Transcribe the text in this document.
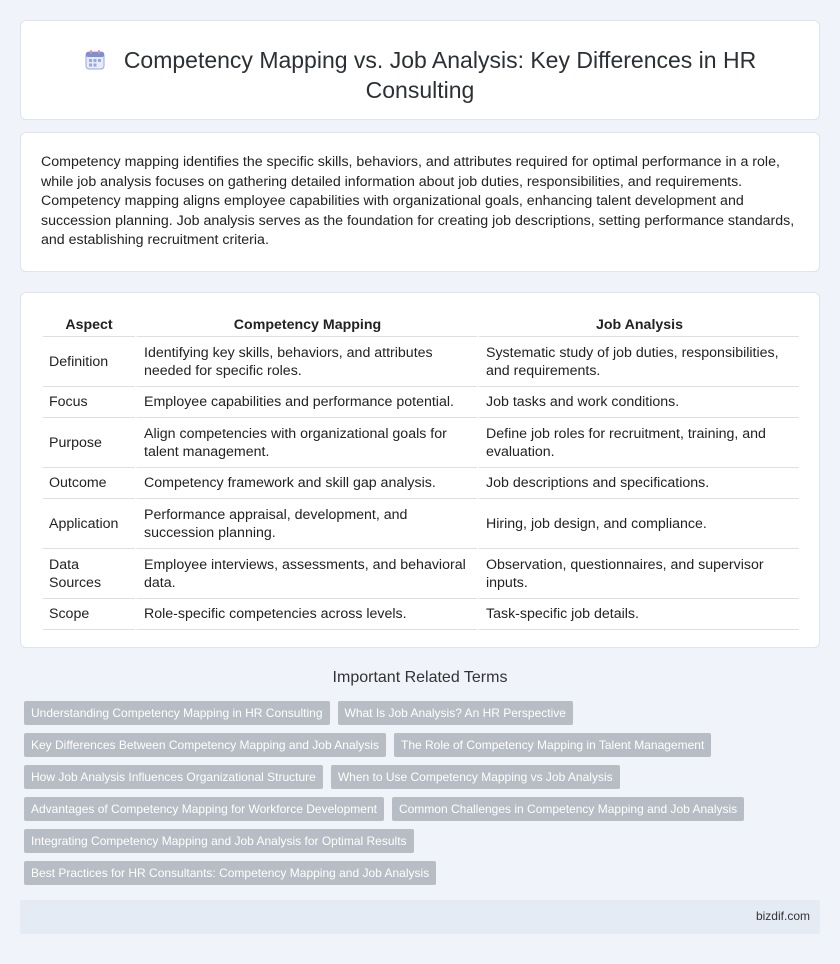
Competency Mapping vs. Job Analysis: Key Differences in HR Consulting

Competency mapping identifies the specific skills, behaviors, and attributes required for optimal performance in a role, while job analysis focuses on gathering detailed information about job duties, responsibilities, and requirements. Competency mapping aligns employee capabilities with organizational goals, enhancing talent development and succession planning. Job analysis serves as the foundation for creating job descriptions, setting performance standards, and establishing recruitment criteria.

Aspect	Competency Mapping	Job Analysis
Definition	Identifying key skills, behaviors, and attributes needed for specific roles.	Systematic study of job duties, responsibilities, and requirements.
Focus	Employee capabilities and performance potential.	Job tasks and work conditions.
Purpose	Align competencies with organizational goals for talent management.	Define job roles for recruitment, training, and evaluation.
Outcome	Competency framework and skill gap analysis.	Job descriptions and specifications.
Application	Performance appraisal, development, and succession planning.	Hiring, job design, and compliance.
Data Sources	Employee interviews, assessments, and behavioral data.	Observation, questionnaires, and supervisor inputs.
Scope	Role-specific competencies across levels.	Task-specific job details.
Important Related Terms
Understanding Competency Mapping in HR Consulting	What Is Job Analysis? An HR Perspective
Key Differences Between Competency Mapping and Job Analysis	The Role of Competency Mapping in Talent Management
How Job Analysis Influences Organizational Structure	When to Use Competency Mapping vs Job Analysis
Advantages of Competency Mapping for Workforce Development	Common Challenges in Competency Mapping and Job Analysis
Integrating Competency Mapping and Job Analysis for Optimal Results
Best Practices for HR Consultants: Competency Mapping and Job Analysis
bizdif.com
